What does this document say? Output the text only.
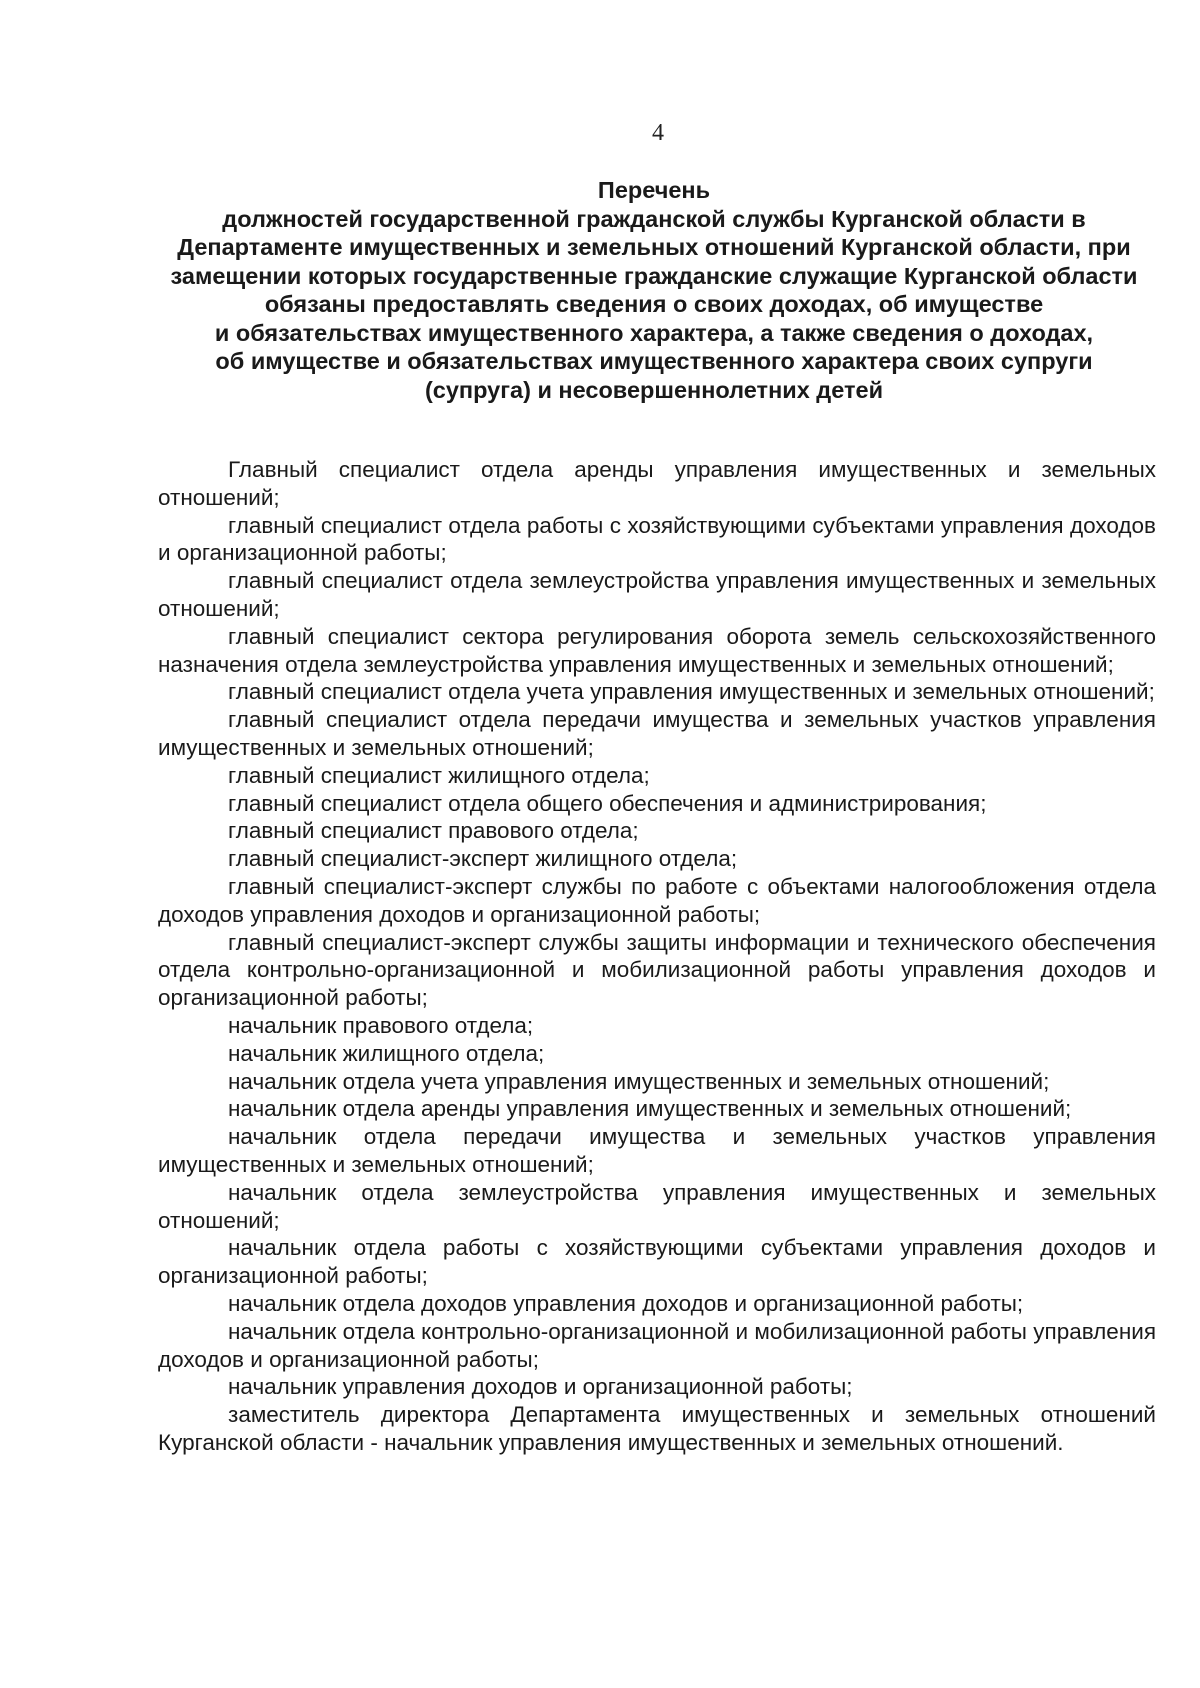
4
Перечень
должностей государственной гражданской службы Курганской области в
Департаменте имущественных и земельных отношений Курганской области, при
замещении которых государственные гражданские служащие Курганской области
обязаны предоставлять сведения о своих доходах, об имуществе
и обязательствах имущественного характера, а также сведения о доходах,
об имуществе и обязательствах имущественного характера своих супруги
(супруга) и несовершеннолетних детей

Главный специалист отдела аренды управления имущественных и земельных отношений;

главный специалист отдела работы с хозяйствующими субъектами управления доходов и организационной работы;

главный специалист отдела землеустройства управления имущественных и земельных отношений;

главный специалист сектора регулирования оборота земель сельскохозяйственного назначения отдела землеустройства управления имущественных и земельных отношений;

главный специалист отдела учета управления имущественных и земельных отношений;

главный специалист отдела передачи имущества и земельных участков управления имущественных и земельных отношений;

главный специалист жилищного отдела;

главный специалист отдела общего обеспечения и администрирования;

главный специалист правового отдела;

главный специалист-эксперт жилищного отдела;

главный специалист-эксперт службы по работе с объектами налогообложения отдела доходов управления доходов и организационной работы;

главный специалист-эксперт службы защиты информации и технического обеспечения отдела контрольно-организационной и мобилизационной работы управления доходов и организационной работы;

начальник правового отдела;

начальник жилищного отдела;

начальник отдела учета управления имущественных и земельных отношений;

начальник отдела аренды управления имущественных и земельных отношений;

начальник отдела передачи имущества и земельных участков управления имущественных и земельных отношений;

начальник отдела землеустройства управления имущественных и земельных отношений;

начальник отдела работы с хозяйствующими субъектами управления доходов и организационной работы;

начальник отдела доходов управления доходов и организационной работы;

начальник отдела контрольно-организационной и мобилизационной работы управления доходов и организационной работы;

начальник управления доходов и организационной работы;

заместитель директора Департамента имущественных и земельных отношений Курганской области - начальник управления имущественных и земельных отношений.
